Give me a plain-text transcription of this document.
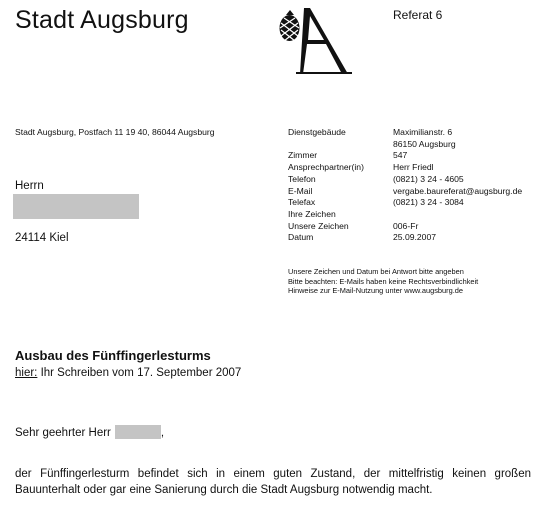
Stadt Augsburg	Referat 6
Stadt Augsburg, Postfach 11 19 40, 86044 Augsburg	Dienstgebäude	Maximilianstr. 6
86150 Augsburg
Zimmer	547
Ansprechpartner(in)	Herr Friedl
Telefon	(0821) 3 24 - 4605
E-Mail	vergabe.baureferat@augsburg.de
Telefax	(0821) 3 24 - 3084
Ihre Zeichen
Unsere Zeichen	006-Fr
Datum	25.09.2007
Unsere Zeichen und Datum bei Antwort bitte angeben
Bitte beachten: E-Mails haben keine Rechtsverbindlichkeit
Hinweise zur E-Mail-Nutzung unter www.augsburg.de
Herrn
24114 Kiel
Ausbau des Fünffingerlesturms
hier: Ihr Schreiben vom 17. September 2007
Sehr geehrter Herr	,
der Fünffingerlesturm befindet sich in einem guten Zustand, der mittelfristig keinen großen Bauunterhalt oder gar eine Sanierung durch die Stadt Augsburg notwendig macht.
